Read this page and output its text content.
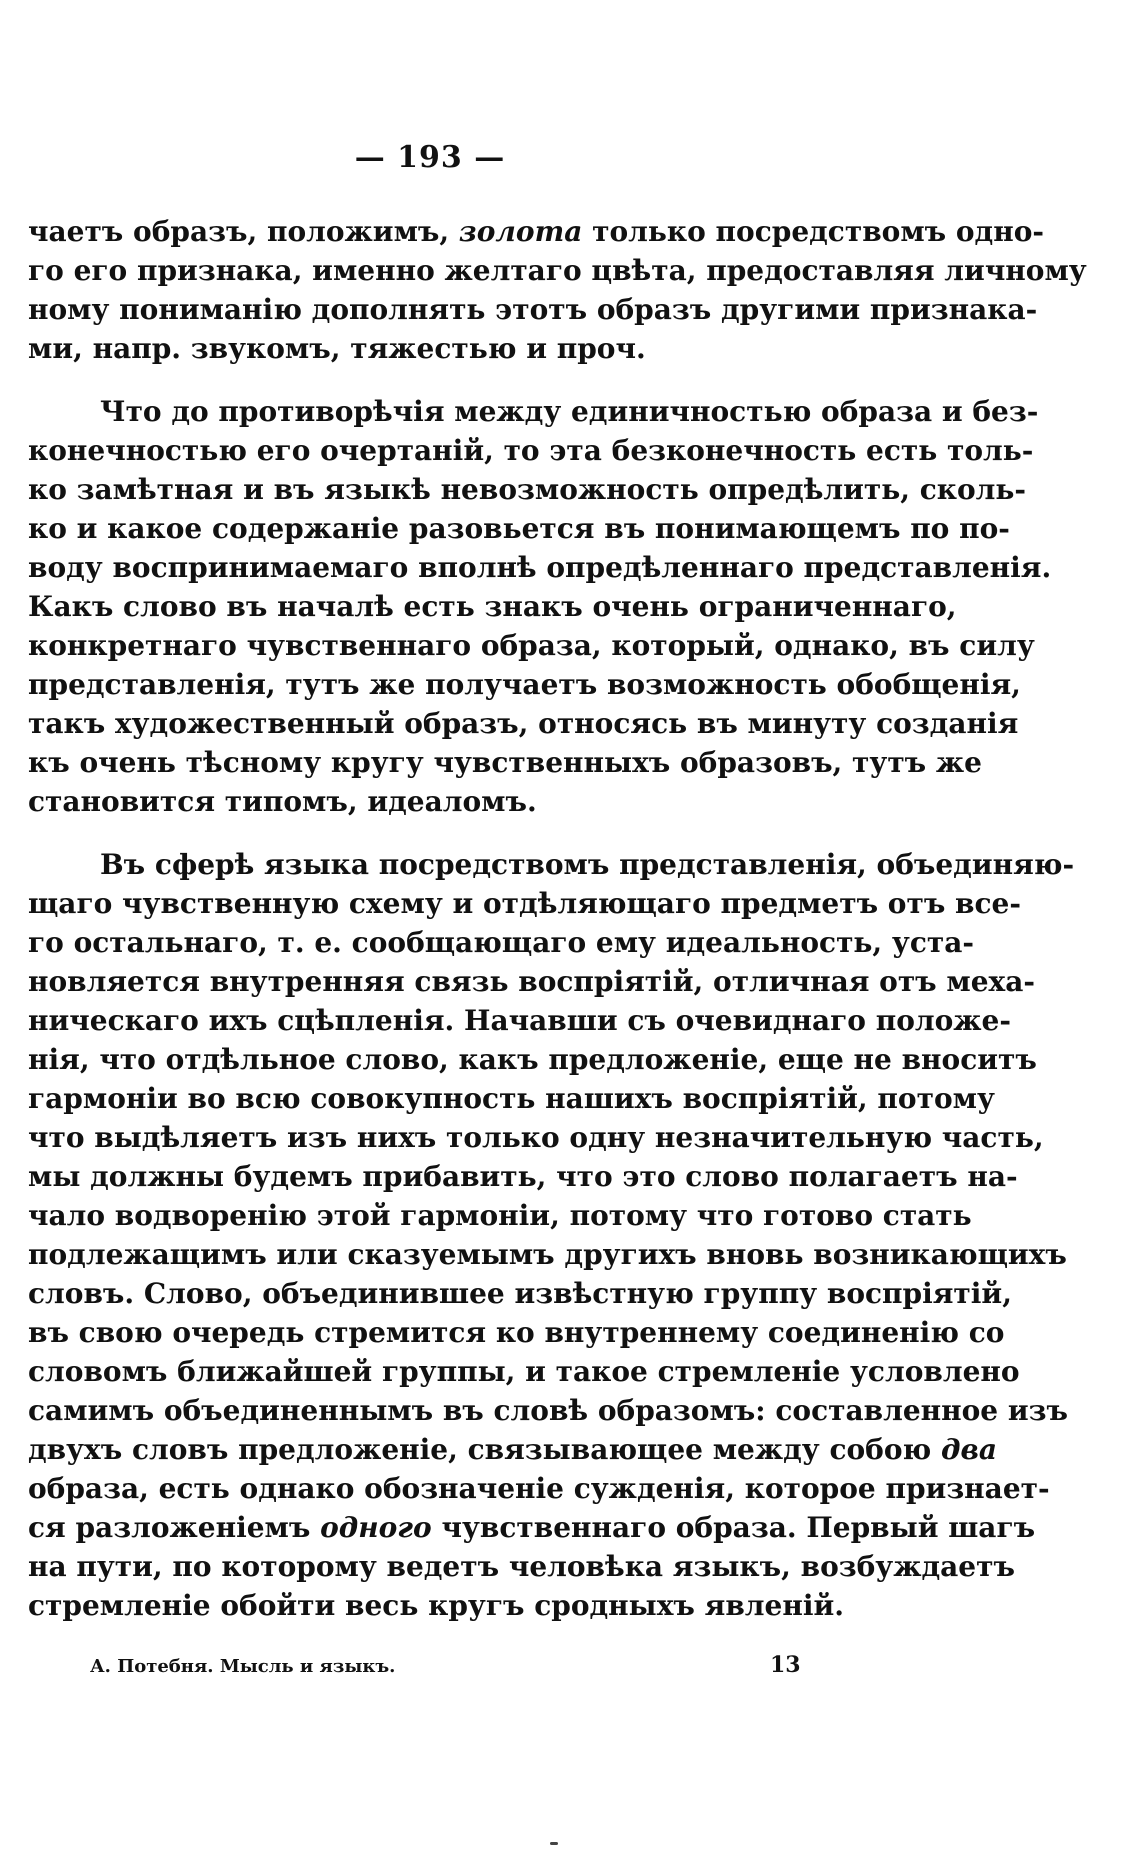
— 193 —
чаетъ образъ, положимъ, золота только посредствомъ одно-
го его признака, именно желтаго цвѣта, предоставляя личному
ному пониманію дополнять этотъ образъ другими признака-
ми, напр. звукомъ, тяжестью и проч.
Что до противорѣчія между единичностью образа и без-
конечностью его очертаній, то эта безконечность есть толь-
ко замѣтная и въ языкѣ невозможность опредѣлить, сколь-
ко и какое содержаніе разовьется въ понимающемъ по по-
воду воспринимаемаго вполнѣ опредѣленнаго представленія.
Какъ слово въ началѣ есть знакъ очень ограниченнаго,
конкретнаго чувственнаго образа, который, однако, въ силу
представленія, тутъ же получаетъ возможность обобщенія,
такъ художественный образъ, относясь въ минуту созданія
къ очень тѣсному кругу чувственныхъ образовъ, тутъ же
становится типомъ, идеаломъ.
Въ сферѣ языка посредствомъ представленія, объединяю-
щаго чувственную схему и отдѣляющаго предметъ отъ все-
го остальнаго, т. е. сообщающаго ему идеальность, уста-
новляется внутренняя связь воспріятій, отличная отъ меха-
ническаго ихъ сцѣпленія. Начавши съ очевиднаго положе-
нія, что отдѣльное слово, какъ предложеніе, еще не вноситъ
гармоніи во всю совокупность нашихъ воспріятій, потому
что выдѣляетъ изъ нихъ только одну незначительную часть,
мы должны будемъ прибавить, что это слово полагаетъ на-
чало водворенію этой гармоніи, потому что готово стать
подлежащимъ или сказуемымъ другихъ вновь возникающихъ
словъ. Слово, объединившее извѣстную группу воспріятій,
въ свою очередь стремится ко внутреннему соединенію со
словомъ ближайшей группы, и такое стремленіе условлено
самимъ объединеннымъ въ словѣ образомъ: составленное изъ
двухъ словъ предложеніе, связывающее между собою два
образа, есть однако обозначеніе сужденія, которое признает-
ся разложеніемъ одного чувственнаго образа. Первый шагъ
на пути, по которому ведетъ человѣка языкъ, возбуждаетъ
стремленіе обойти весь кругъ сродныхъ явленій.
А. Потебня. Мысль и языкъ.	13
